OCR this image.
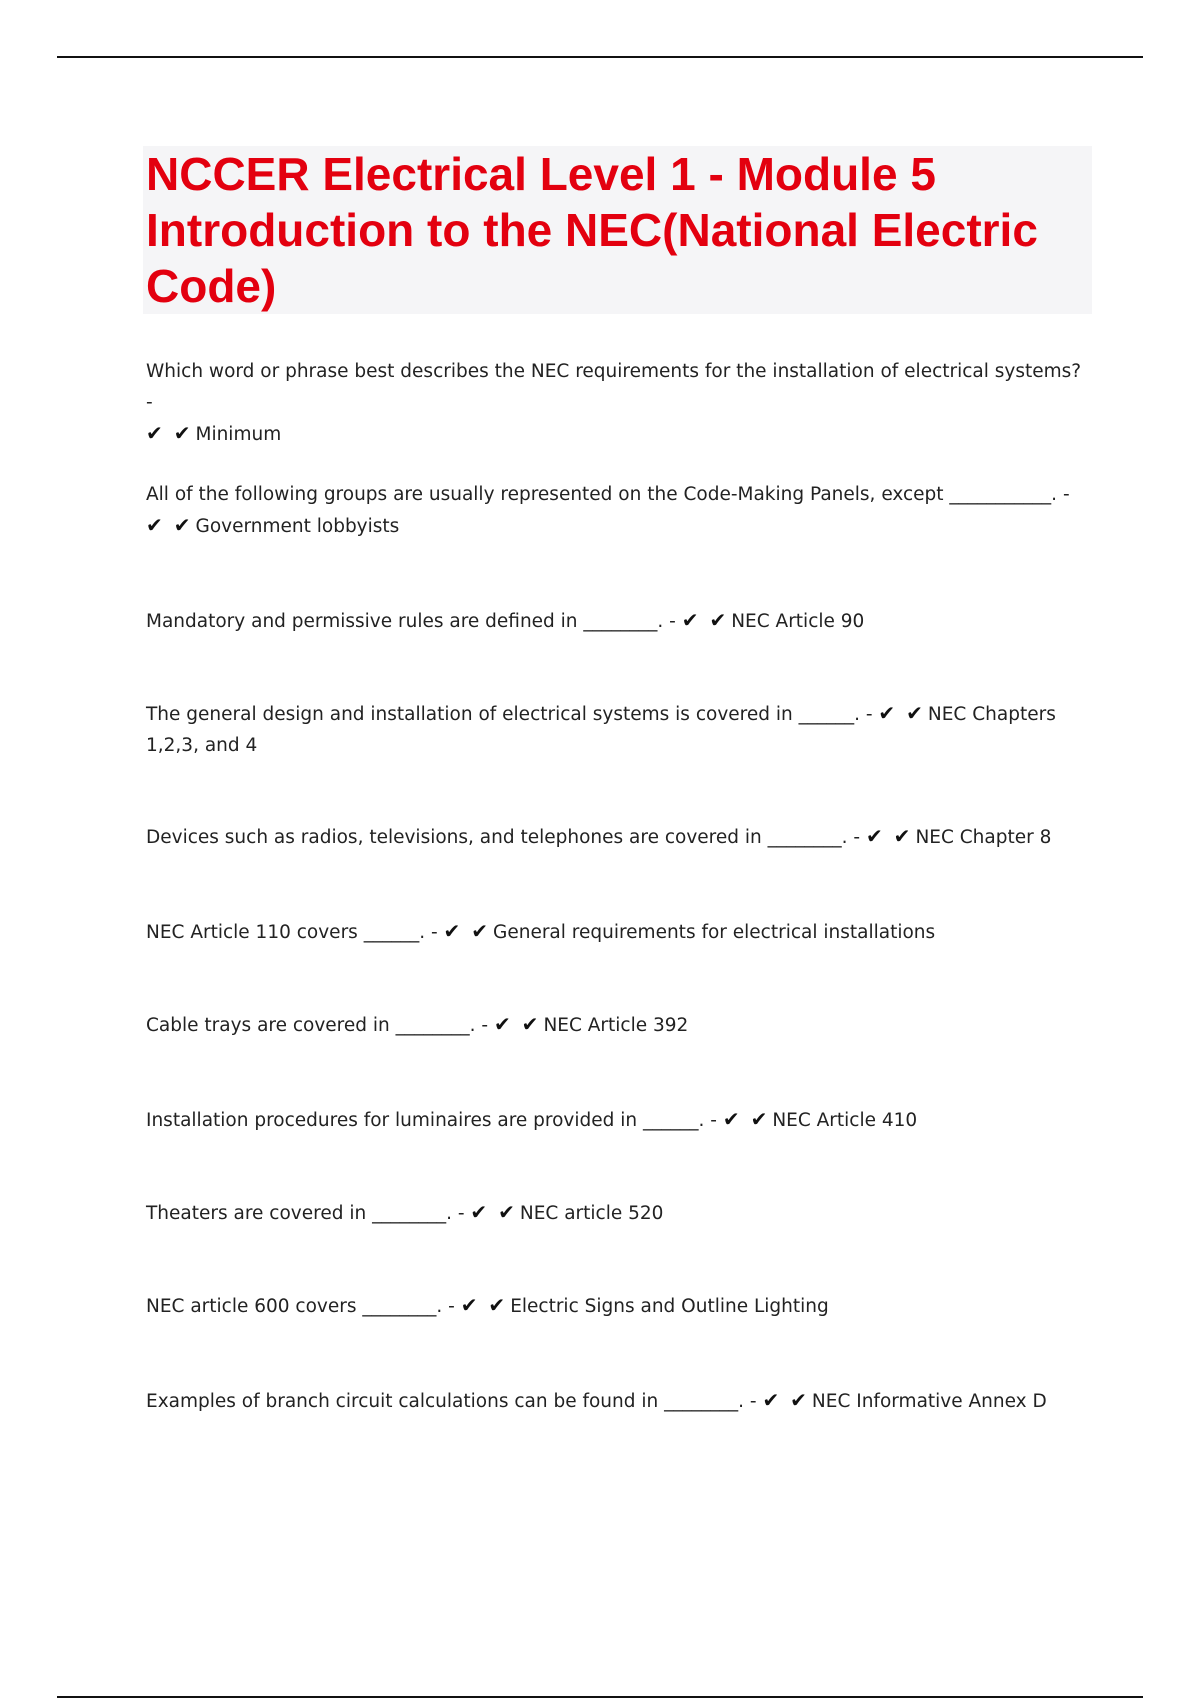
NCCER Electrical Level 1 - Module 5 Introduction to the NEC(National Electric Code)
Which word or phrase best describes the NEC requirements for the installation of electrical systems? -
✔ ✔ Minimum
All of the following groups are usually represented on the Code-Making Panels, except ___________. -
✔ ✔ Government lobbyists
Mandatory and permissive rules are defined in ________. - ✔ ✔ NEC Article 90
The general design and installation of electrical systems is covered in ______. - ✔ ✔ NEC Chapters 1,2,3, and 4
Devices such as radios, televisions, and telephones are covered in ________. - ✔ ✔ NEC Chapter 8
NEC Article 110 covers ______. - ✔ ✔ General requirements for electrical installations
Cable trays are covered in ________. - ✔ ✔ NEC Article 392
Installation procedures for luminaires are provided in ______. - ✔ ✔ NEC Article 410
Theaters are covered in ________. - ✔ ✔ NEC article 520
NEC article 600 covers ________. - ✔ ✔ Electric Signs and Outline Lighting
Examples of branch circuit calculations can be found in ________. - ✔ ✔ NEC Informative Annex D
